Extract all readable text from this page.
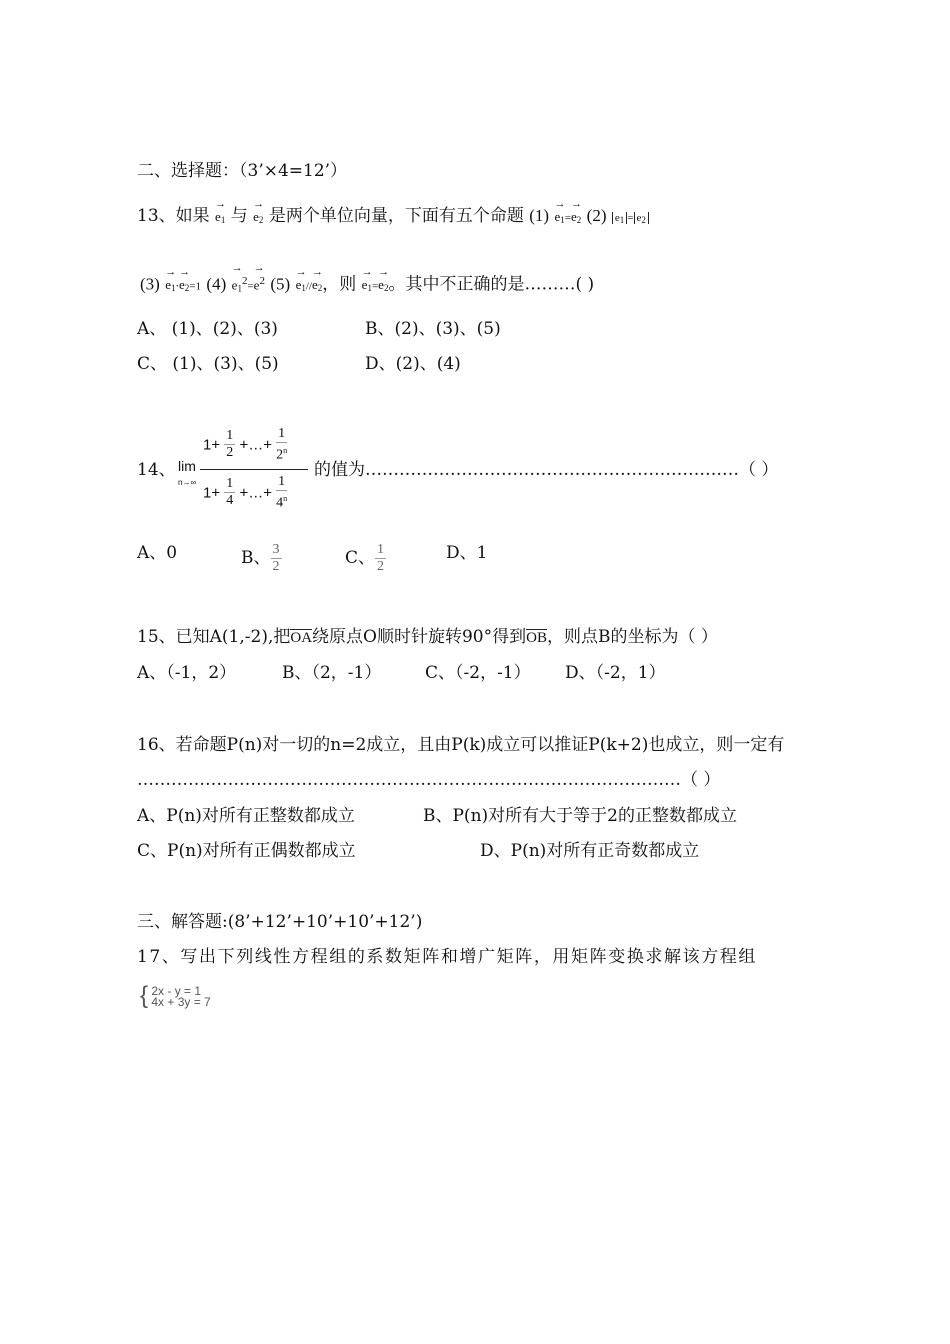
二、选择题：（3’×4=12’）
13、如果 → $e_1$ 与 → $e_2$ 是两个单位向量，下面有五个命题 $(1) \to e_1=\to e_2$ (2) $e_1 = e_2$
$(3) \to e_1\cdot\to e_2=1$ $(4) \to e_1^2=\to e^2$ $(5) \to e_1//\to e_2$，则 → $e_1=\to e_2$。其中不正确的是………( )
A、 (1)、(2)、(3)	B、(2)、(3)、(5)
C、 (1)、(3)、(5)	D、(2)、(4)
14、 lim
n→∞
$1+ \frac{1}{2}$ +…+ $\frac{1}{2^n}$
$1+ \frac{1}{4}$ +…+ $\frac{1}{4^n}$
的值为…………………………………………………………（ ）
A、0	B、 $\frac{3}{2}$	C、 $\frac{1}{2}$	D、1
15、已知A(1,-2),把OA绕原点O顺时针旋转90°得到OB，则点B的坐标为（ ）
A、（-1，2）	B、（2，-1）	C、（-2，-1） D、（-2，1）
16、若命题P(n)对一切的n=2成立，且由P(k)成立可以推证P(k+2)也成立，则一定有
……………………………………………………………………………………（ ）
A、P(n)对所有正整数都成立	B、P(n)对所有大于等于2的正整数都成立
C、P(n)对所有正偶数都成立	D、P(n)对所有正奇数都成立
三、解答题:(8’+12’+10’+10’+12’)
17、写出下列线性方程组的系数矩阵和增广矩阵，用矩阵变换求解该方程组
{ 2x - y = 1
4x + 3y = 7
